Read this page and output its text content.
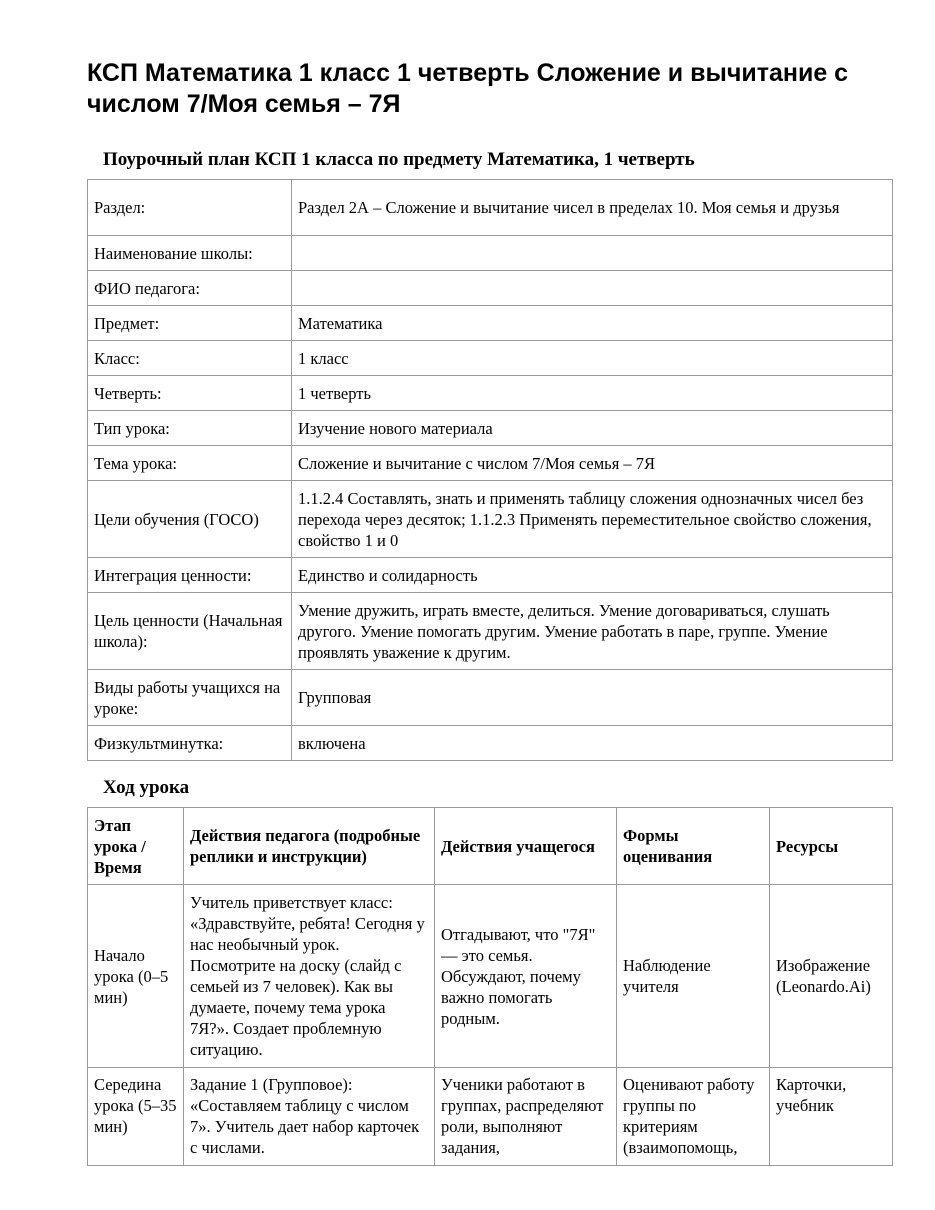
КСП Математика 1 класс 1 четверть Сложение и вычитание с числом 7/Моя семья – 7Я
Поурочный план КСП 1 класса по предмету Математика, 1 четверть
Раздел:	Раздел 2А – Сложение и вычитание чисел в пределах 10. Моя семья и друзья
Наименование школы:	
ФИО педагога:	
Предмет:	Математика
Класс:	1 класс
Четверть:	1 четверть
Тип урока:	Изучение нового материала
Тема урока:	Сложение и вычитание с числом 7/Моя семья – 7Я
Цели обучения (ГОСО)	1.1.2.4 Составлять, знать и применять таблицу сложения однозначных чисел без перехода через десяток; 1.1.2.3 Применять переместительное свойство сложения, свойство 1 и 0
Интеграция ценности:	Единство и солидарность
Цель ценности (Начальная школа):	Умение дружить, играть вместе, делиться. Умение договариваться, слушать другого. Умение помогать другим. Умение работать в паре, группе. Умение проявлять уважение к другим.
Виды работы учащихся на уроке:	Групповая
Физкультминутка:	включена
Ход урока
Этап урока / Время	Действия педагога (подробные реплики и инструкции)	Действия учащегося	Формы оценивания	Ресурсы
Начало урока (0–5 мин)	Учитель приветствует класс: «Здравствуйте, ребята! Сегодня у нас необычный урок. Посмотрите на доску (слайд с семьей из 7 человек). Как вы думаете, почему тема урока 7Я?». Создает проблемную ситуацию.	Отгадывают, что "7Я" — это семья. Обсуждают, почему важно помогать родным.	Наблюдение учителя	Изображение (Leonardo.Ai)
Середина урока (5–35 мин)	Задание 1 (Групповое): «Составляем таблицу с числом 7». Учитель дает набор карточек с числами.	Ученики работают в группах, распределяют роли, выполняют задания,	Оценивают работу группы по критериям (взаимопомощь,	Карточки, учебник
